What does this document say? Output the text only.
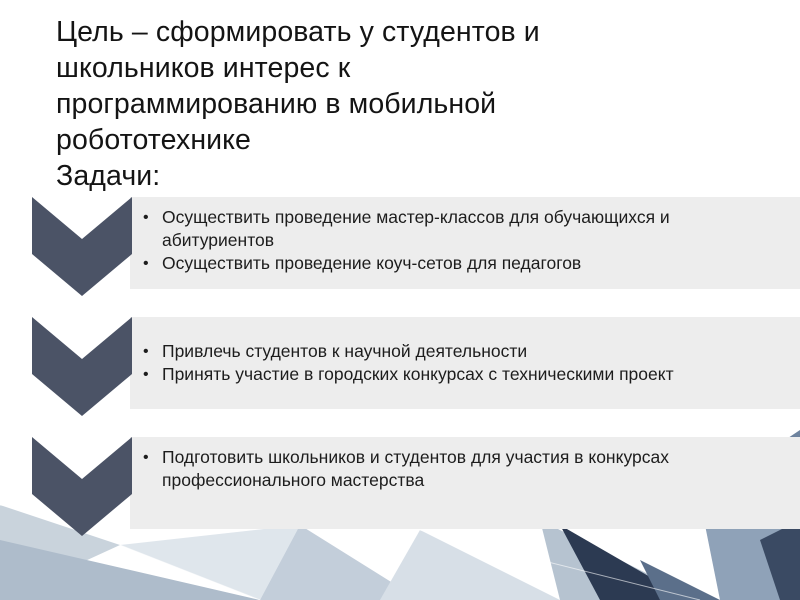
Цель – сформировать у студентов и
школьников интерес к
программированию в мобильной
робототехнике
Задачи:
• Осуществить проведение мастер-классов для обучающихся и
абитуриентов
• Осуществить проведение коуч-сетов для педагогов
• Привлечь студентов к научной деятельности
• Принять участие в городских конкурсах с техническими проект
• Подготовить школьников и студентов для участия в конкурсах
профессионального мастерства
